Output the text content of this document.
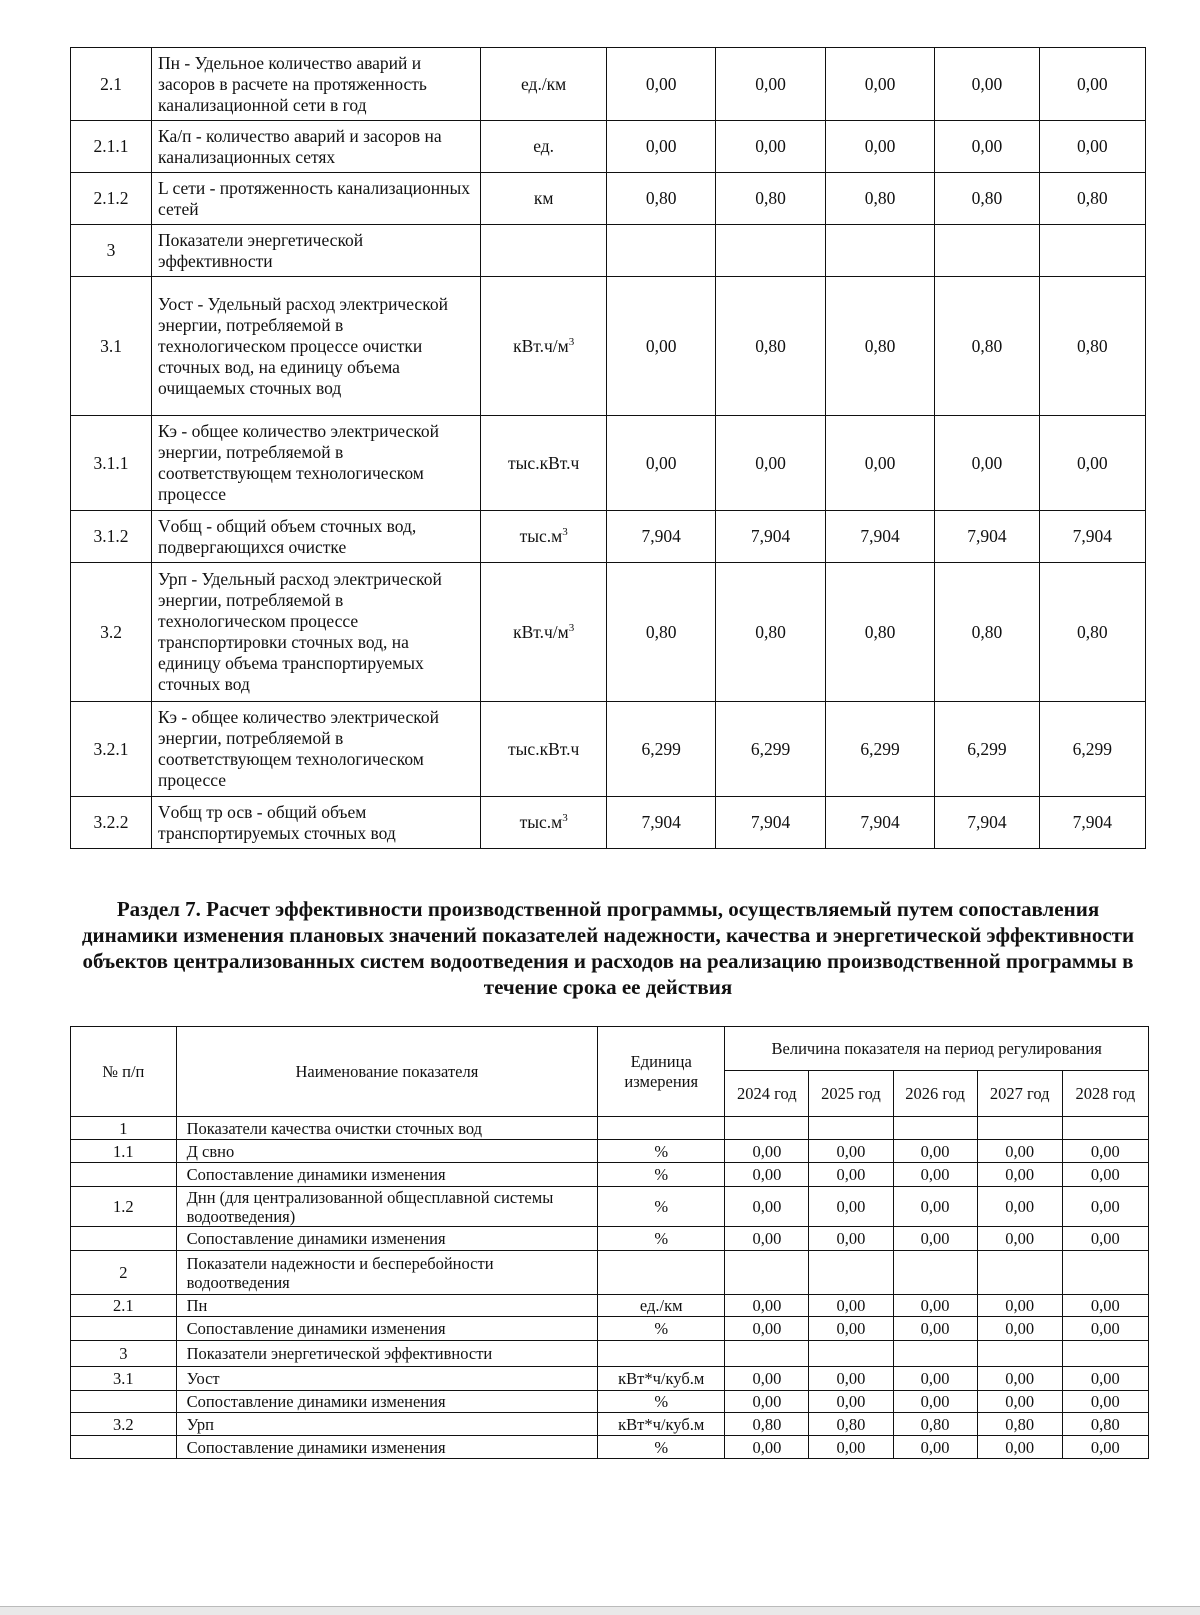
2.1	Пн - Удельное количество аварий и засоров в расчете на протяженность канализационной сети в год	ед./км	0,00	0,00	0,00	0,00	0,00
2.1.1	Ка/п - количество аварий и засоров на канализационных сетях	ед.	0,00	0,00	0,00	0,00	0,00
2.1.2	L сети - протяженность канализационных сетей	км	0,80	0,80	0,80	0,80	0,80
3	Показатели энергетической эффективности						
3.1	Уост - Удельный расход электрической энергии, потребляемой в технологическом процессе очистки сточных вод, на единицу объема очищаемых сточных вод	$кВт.ч/м^3$	0,00	0,80	0,80	0,80	0,80
3.1.1	Кэ - общее количество электрической энергии, потребляемой в соответствующем технологическом процессе	тыс.кВт.ч	0,00	0,00	0,00	0,00	0,00
3.1.2	Vобщ - общий объем сточных вод, подвергающихся очистке	$тыс.м^3$	7,904	7,904	7,904	7,904	7,904
3.2	Урп - Удельный расход электрической энергии, потребляемой в технологическом процессе транспортировки сточных вод, на единицу объема транспортируемых сточных вод	$кВт.ч/м^3$	0,80	0,80	0,80	0,80	0,80
3.2.1	Кэ - общее количество электрической энергии, потребляемой в соответствующем технологическом процессе	тыс.кВт.ч	6,299	6,299	6,299	6,299	6,299
3.2.2	Vобщ тр осв - общий объем транспортируемых сточных вод	$тыс.м^3$	7,904	7,904	7,904	7,904	7,904
Раздел 7. Расчет эффективности производственной программы, осуществляемый путем сопоставления динамики изменения плановых значений показателей надежности, качества и энергетической эффективности объектов централизованных систем водоотведения и расходов на реализацию производственной программы в течение срока ее действия
№ п/п	Наименование показателя	Единица измерения	Величина показателя на период регулирования				
			2024 год	2025 год	2026 год	2027 год	2028 год
1	Показатели качества очистки сточных вод						
1.1	Д свно	%	0,00	0,00	0,00	0,00	0,00
	Сопоставление динамики изменения	%	0,00	0,00	0,00	0,00	0,00
1.2	Днн (для централизованной общесплавной системы водоотведения)	%	0,00	0,00	0,00	0,00	0,00
	Сопоставление динамики изменения	%	0,00	0,00	0,00	0,00	0,00
2	Показатели надежности и бесперебойности водоотведения						
2.1	Пн	ед./км	0,00	0,00	0,00	0,00	0,00
	Сопоставление динамики изменения	%	0,00	0,00	0,00	0,00	0,00
3	Показатели энергетической эффективности						
3.1	Уост	кВт*ч/куб.м	0,00	0,00	0,00	0,00	0,00
	Сопоставление динамики изменения	%	0,00	0,00	0,00	0,00	0,00
3.2	Урп	кВт*ч/куб.м	0,80	0,80	0,80	0,80	0,80
	Сопоставление динамики изменения	%	0,00	0,00	0,00	0,00	0,00
